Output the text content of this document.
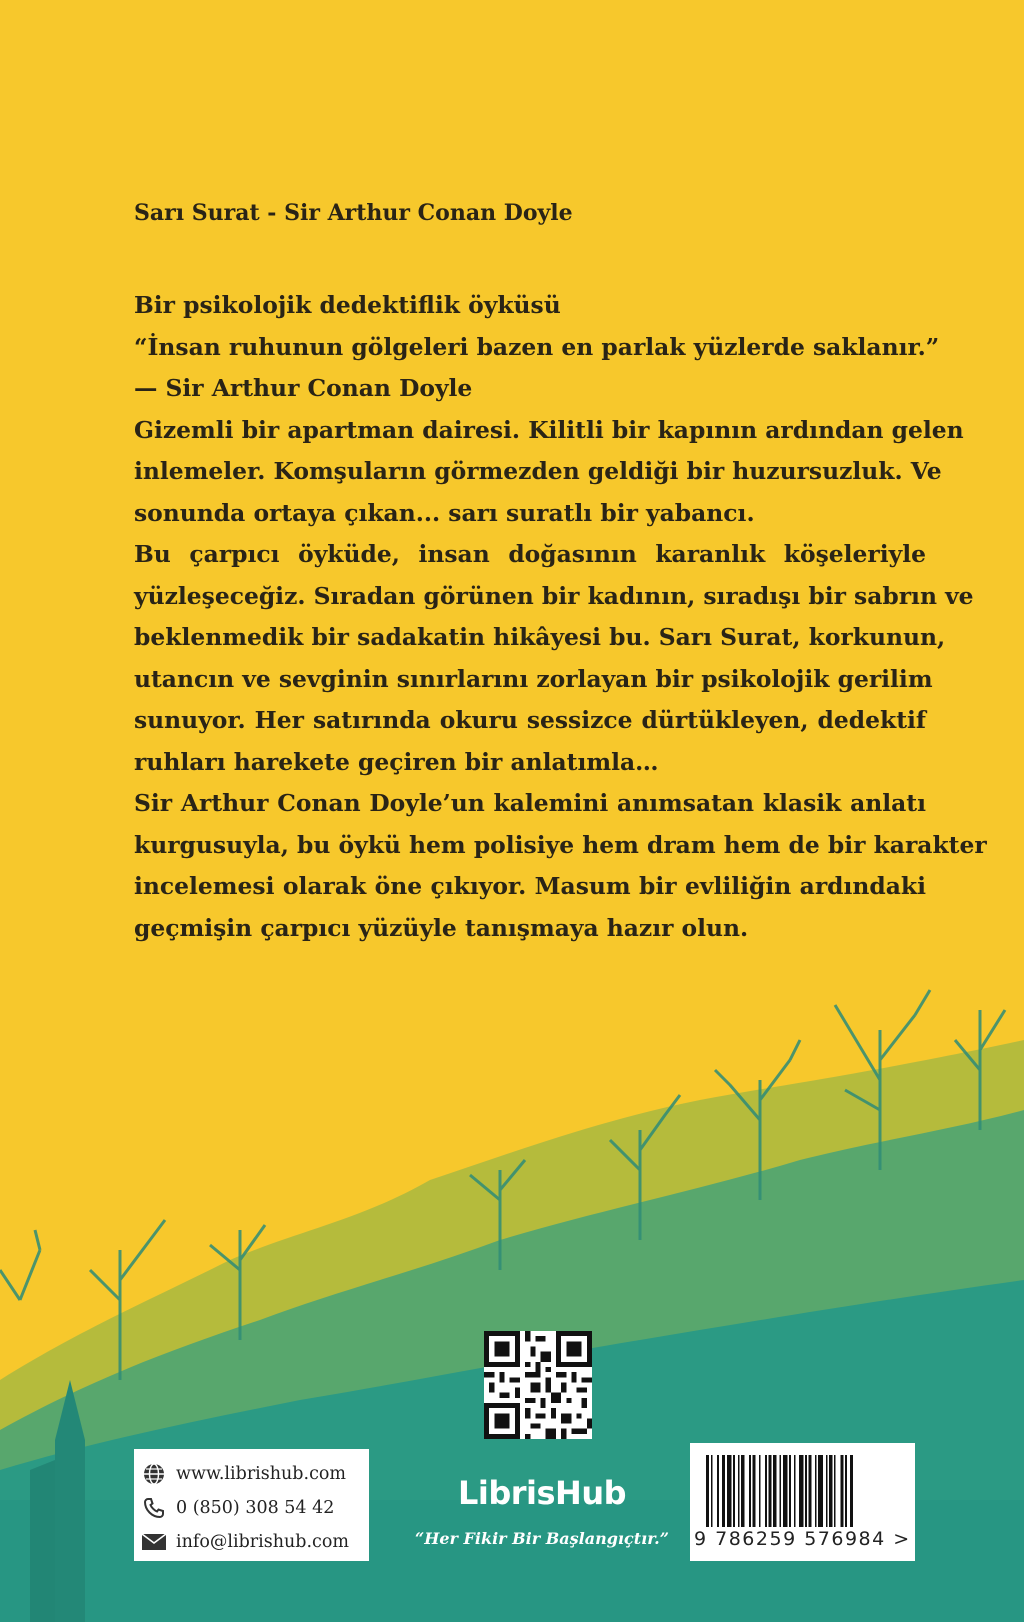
Sarı Surat - Sir Arthur Conan Doyle
Bir psikolojik dedektiflik öyküsü
“İnsan ruhunun gölgeleri bazen en parlak yüzlerde saklanır.”
— Sir Arthur Conan Doyle
Gizemli bir apartman dairesi. Kilitli bir kapının ardından gelen
inlemeler. Komşuların görmezden geldiği bir huzursuzluk. Ve
sonunda ortaya çıkan... sarı suratlı bir yabancı.
Bu çarpıcı öyküde, insan doğasının karanlık köşeleriyle
yüzleşeceğiz. Sıradan görünen bir kadının, sıradışı bir sabrın ve
beklenmedik bir sadakatin hikâyesi bu. Sarı Surat, korkunun,
utancın ve sevginin sınırlarını zorlayan bir psikolojik gerilim
sunuyor. Her satırında okuru sessizce dürtükleyen, dedektif
ruhları harekete geçiren bir anlatımla…
Sir Arthur Conan Doyle’un kalemini anımsatan klasik anlatı
kurgusuyla, bu öykü hem polisiye hem dram hem de bir karakter
incelemesi olarak öne çıkıyor. Masum bir evliliğin ardındaki
geçmişin çarpıcı yüzüyle tanışmaya hazır olun.
www.librishub.com
0 (850) 308 54 42
info@librishub.com
LibrisHub
“Her Fikir Bir Başlangıçtır.”	9 786259 576984 >
